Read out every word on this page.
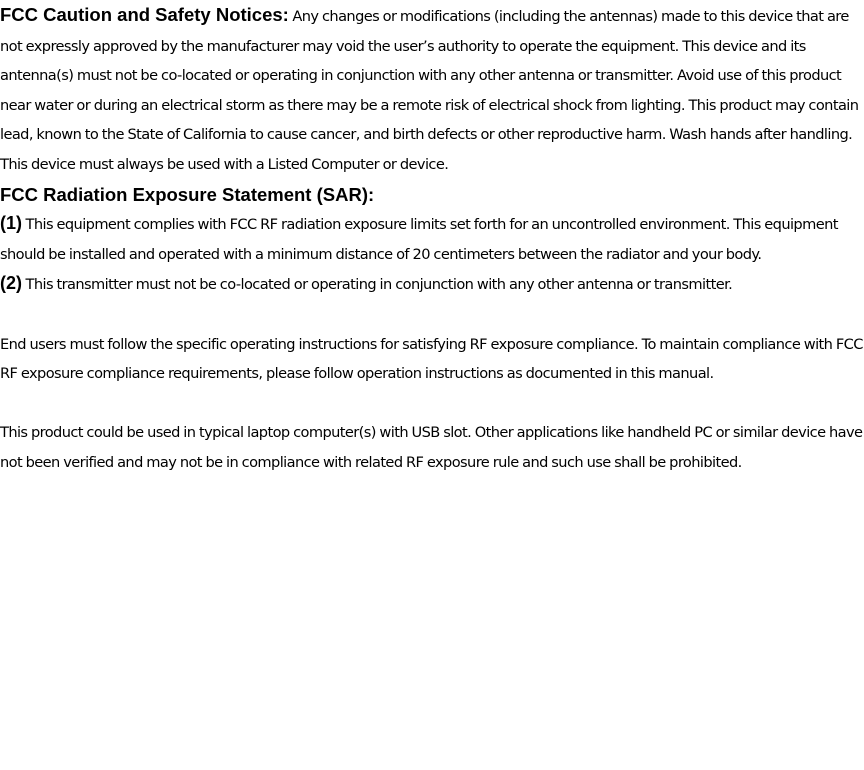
FCC Caution and Safety Notices: Any changes or modifications (including the antennas) made to this device that are not expressly approved by the manufacturer may void the user’s authority to operate the equipment. This device and its antenna(s) must not be co-located or operating in conjunction with any other antenna or transmitter. Avoid use of this product near water or during an electrical storm as there may be a remote risk of electrical shock from lighting. This product may contain lead, known to the State of California to cause cancer, and birth defects or other reproductive harm. Wash hands after handling. This device must always be used with a Listed Computer or device.

FCC Radiation Exposure Statement (SAR):

(1) This equipment complies with FCC RF radiation exposure limits set forth for an uncontrolled environment. This equipment should be installed and operated with a minimum distance of 20 centimeters between the radiator and your body.

(2) This transmitter must not be co-located or operating in conjunction with any other antenna or transmitter.

End users must follow the specific operating instructions for satisfying RF exposure compliance. To maintain compliance with FCC RF exposure compliance requirements, please follow operation instructions as documented in this manual.

This product could be used in typical laptop computer(s) with USB slot. Other applications like handheld PC or similar device have not been verified and may not be in compliance with related RF exposure rule and such use shall be prohibited.
